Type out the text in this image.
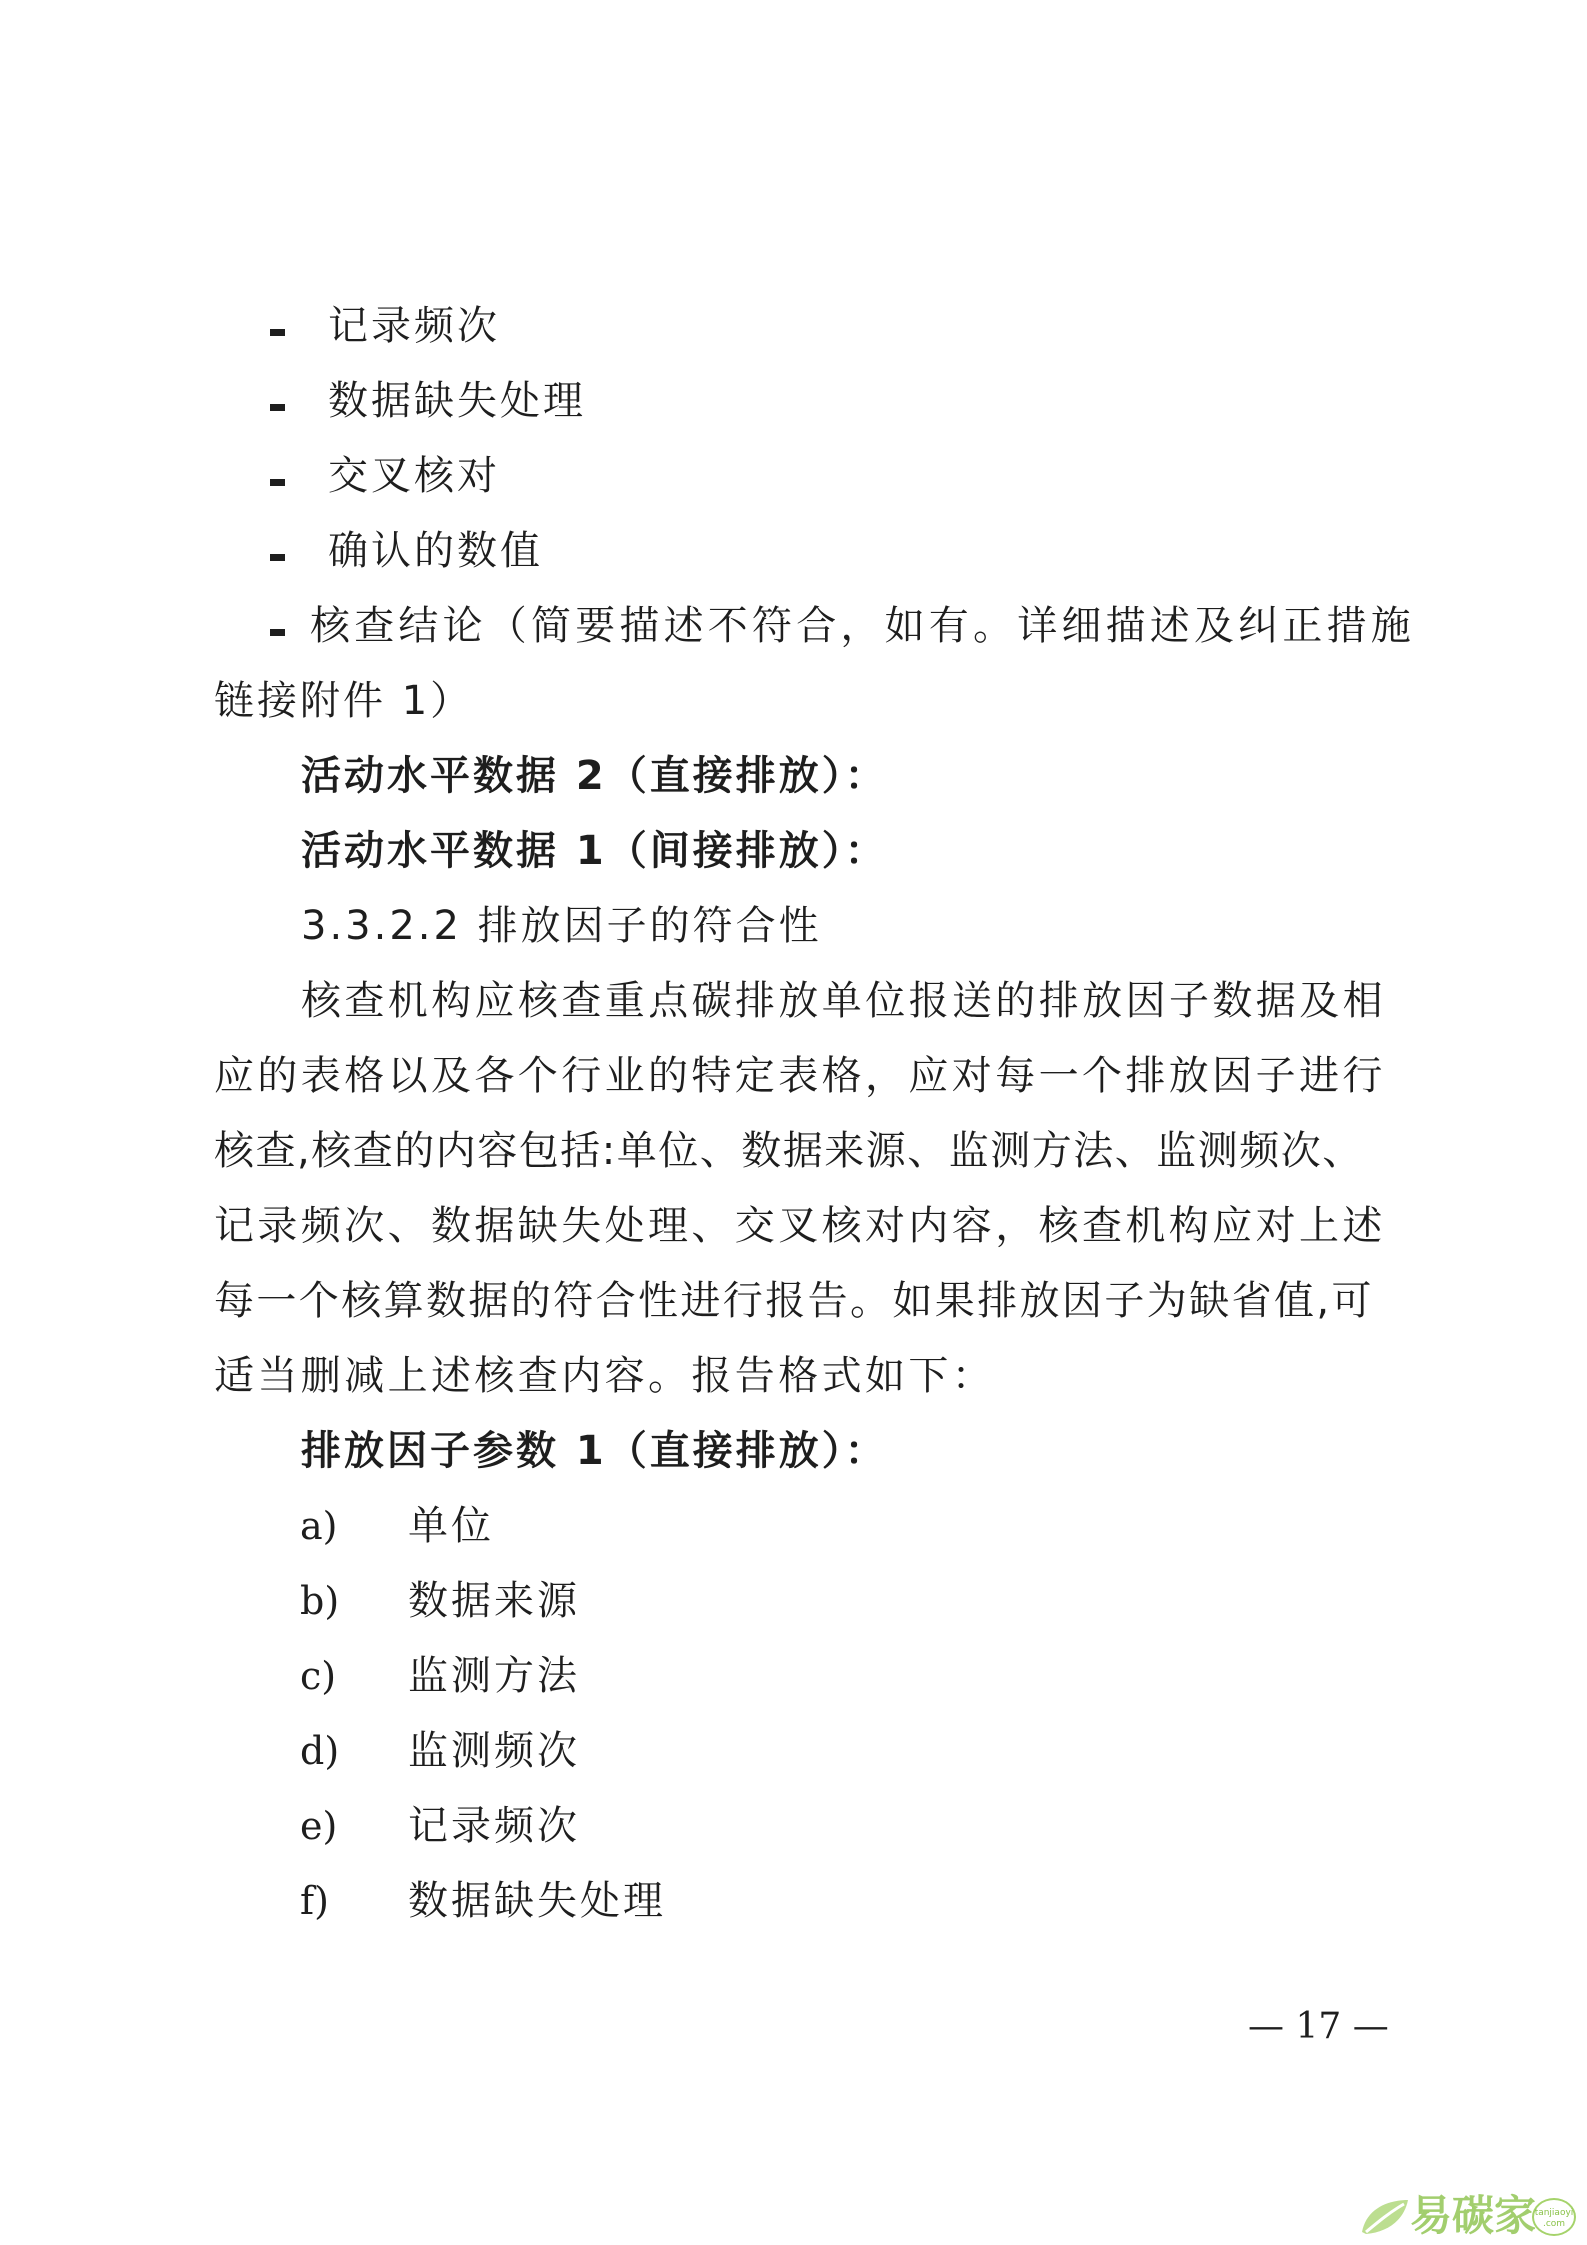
记录频次
数据缺失处理
交叉核对
确认的数值
核查结论（简要描述不符合，如有。详细描述及纠正措施
链接附件 1）
活动水平数据 2（直接排放）：
活动水平数据 1（间接排放）：
3.3.2.2 排放因子的符合性
核查机构应核查重点碳排放单位报送的排放因子数据及相
应的表格以及各个行业的特定表格，应对每一个排放因子进行
核查,核查的内容包括:单位、数据来源、监测方法、监测频次、
记录频次、数据缺失处理、交叉核对内容，核查机构应对上述
每一个核算数据的符合性进行报告。如果排放因子为缺省值,可
适当删减上述核查内容。报告格式如下：
排放因子参数 1（直接排放）：
a) 单位
b) 数据来源
c) 监测方法
d) 监测频次
e) 记录频次
f) 数据缺失处理
— 17 —
易碳家
tanjiaoyi .com
